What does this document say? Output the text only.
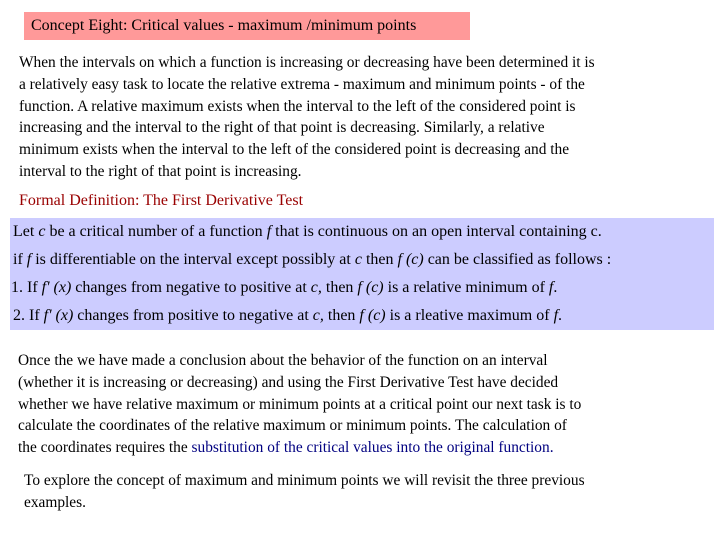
Concept Eight: Critical values - maximum /minimum points
When the intervals on which a function is increasing or decreasing have been determined it is
a relatively easy task to locate the relative extrema - maximum and minimum points - of the
function. A relative maximum exists when the interval to the left of the considered point is
increasing and the interval to the right of that point is decreasing. Similarly, a relative
minimum exists when the interval to the left of the considered point is decreasing and the
interval to the right of that point is increasing.
Formal Definition: The First Derivative Test
Let c be a critical number of a function f that is continuous on an open interval containing c.
if f is differentiable on the interval except possibly at c then f (c) can be classified as follows :
1. If f' (x) changes from negative to positive at c, then f (c) is a relative minimum of f.
2. If f' (x) changes from positive to negative at c, then f (c) is a rleative maximum of f.
Once the we have made a conclusion about the behavior of the function on an interval
(whether it is increasing or decreasing) and using the First Derivative Test have decided
whether we have relative maximum or minimum points at a critical point our next task is to
calculate the coordinates of the relative maximum or minimum points. The calculation of
the coordinates requires the substitution of the critical values into the original function.
To explore the concept of maximum and minimum points we will revisit the three previous
examples.
